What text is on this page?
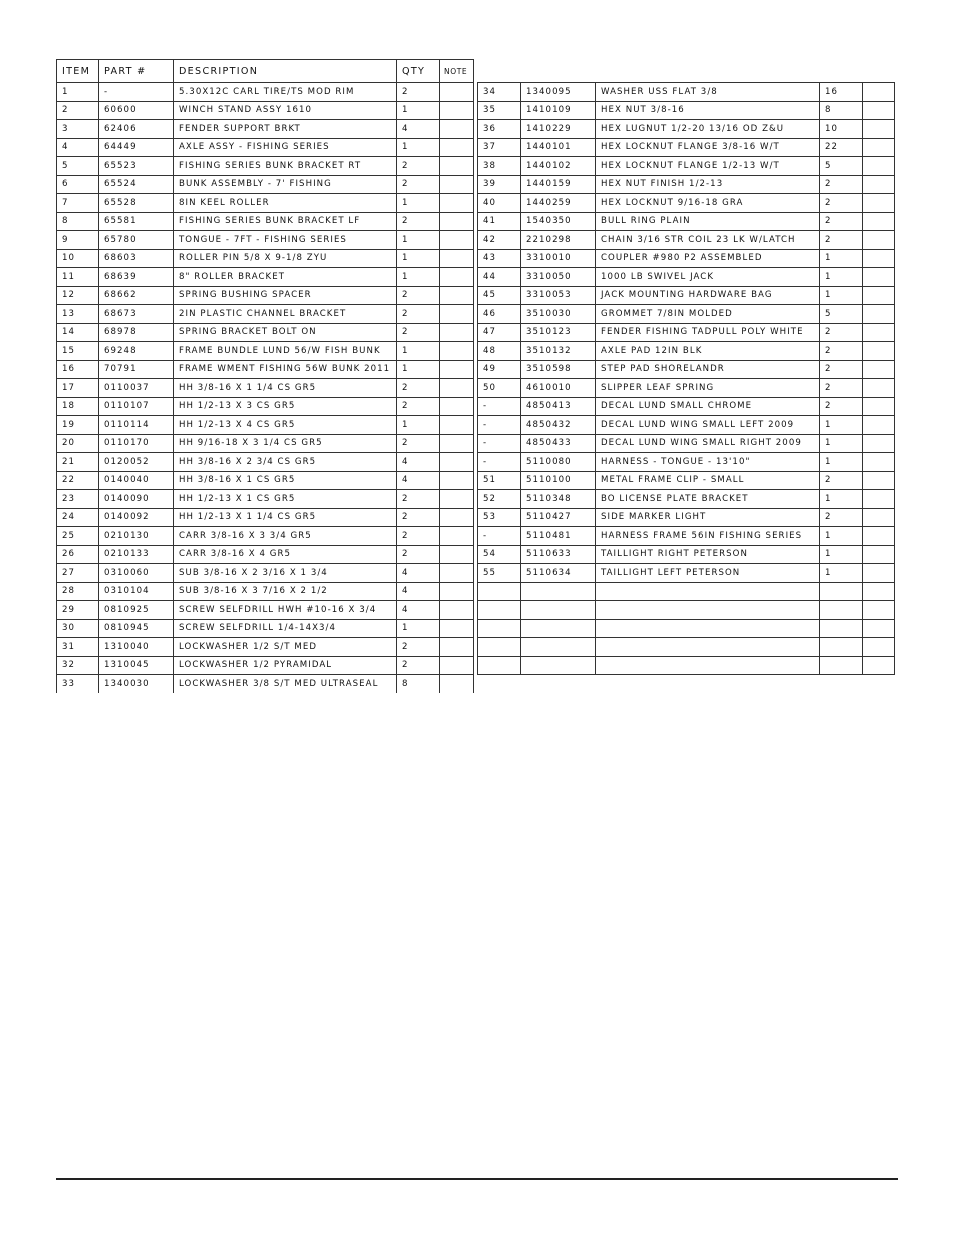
ITEM	PART #	DESCRIPTION	QTY	NOTE
1	-	5.30X12C CARL TIRE/TS MOD RIM	2	
2	60600	WINCH STAND ASSY 1610	1	
3	62406	FENDER SUPPORT BRKT	4	
4	64449	AXLE ASSY - FISHING SERIES	1	
5	65523	FISHING SERIES BUNK BRACKET RT	2	
6	65524	BUNK ASSEMBLY - 7' FISHING	2	
7	65528	8IN KEEL ROLLER	1	
8	65581	FISHING SERIES BUNK BRACKET LF	2	
9	65780	TONGUE - 7FT - FISHING SERIES	1	
10	68603	ROLLER PIN 5/8 X 9-1/8 ZYU	1	
11	68639	8" ROLLER BRACKET	1	
12	68662	SPRING BUSHING SPACER	2	
13	68673	2IN PLASTIC CHANNEL BRACKET	2	
14	68978	SPRING BRACKET BOLT ON	2	
15	69248	FRAME BUNDLE LUND 56/W FISH BUNK	1	
16	70791	FRAME WMENT FISHING 56W BUNK 2011	1	
17	0110037	HH 3/8-16 X 1 1/4 CS GR5	2	
18	0110107	HH 1/2-13 X 3 CS GR5	2	
19	0110114	HH 1/2-13 X 4 CS GR5	1	
20	0110170	HH 9/16-18 X 3 1/4 CS GR5	2	
21	0120052	HH 3/8-16 X 2 3/4 CS GR5	4	
22	0140040	HH 3/8-16 X 1 CS GR5	4	
23	0140090	HH 1/2-13 X 1 CS GR5	2	
24	0140092	HH 1/2-13 X 1 1/4 CS GR5	2	
25	0210130	CARR 3/8-16 X 3 3/4 GR5	2	
26	0210133	CARR 3/8-16 X 4 GR5	2	
27	0310060	SUB 3/8-16 X 2 3/16 X 1 3/4	4	
28	0310104	SUB 3/8-16 X 3 7/16 X 2 1/2	4	
29	0810925	SCREW SELFDRILL HWH #10-16 X 3/4	4	
30	0810945	SCREW SELFDRILL 1/4-14X3/4	1	
31	1310040	LOCKWASHER 1/2 S/T MED	2	
32	1310045	LOCKWASHER 1/2 PYRAMIDAL	2	
33	1340030	LOCKWASHER 3/8 S/T MED ULTRASEAL	8	
34	1340095	WASHER USS FLAT 3/8	16	
35	1410109	HEX NUT 3/8-16	8	
36	1410229	HEX LUGNUT 1/2-20 13/16 OD Z&U	10	
37	1440101	HEX LOCKNUT FLANGE 3/8-16 W/T	22	
38	1440102	HEX LOCKNUT FLANGE 1/2-13 W/T	5	
39	1440159	HEX NUT FINISH 1/2-13	2	
40	1440259	HEX LOCKNUT 9/16-18 GRA	2	
41	1540350	BULL RING PLAIN	2	
42	2210298	CHAIN 3/16 STR COIL 23 LK W/LATCH	2	
43	3310010	COUPLER #980 P2 ASSEMBLED	1	
44	3310050	1000 LB SWIVEL JACK	1	
45	3310053	JACK MOUNTING HARDWARE BAG	1	
46	3510030	GROMMET 7/8IN MOLDED	5	
47	3510123	FENDER FISHING TADPULL POLY WHITE	2	
48	3510132	AXLE PAD 12IN BLK	2	
49	3510598	STEP PAD SHORELANDR	2	
50	4610010	SLIPPER LEAF SPRING	2	
-	4850413	DECAL LUND SMALL CHROME	2	
-	4850432	DECAL LUND WING SMALL LEFT 2009	1	
-	4850433	DECAL LUND WING SMALL RIGHT 2009	1	
-	5110080	HARNESS - TONGUE - 13'10"	1	
51	5110100	METAL FRAME CLIP - SMALL	2	
52	5110348	BO LICENSE PLATE BRACKET	1	
53	5110427	SIDE MARKER LIGHT	2	
-	5110481	HARNESS FRAME 56IN FISHING SERIES	1	
54	5110633	TAILLIGHT RIGHT PETERSON	1	
55	5110634	TAILLIGHT LEFT PETERSON	1	
